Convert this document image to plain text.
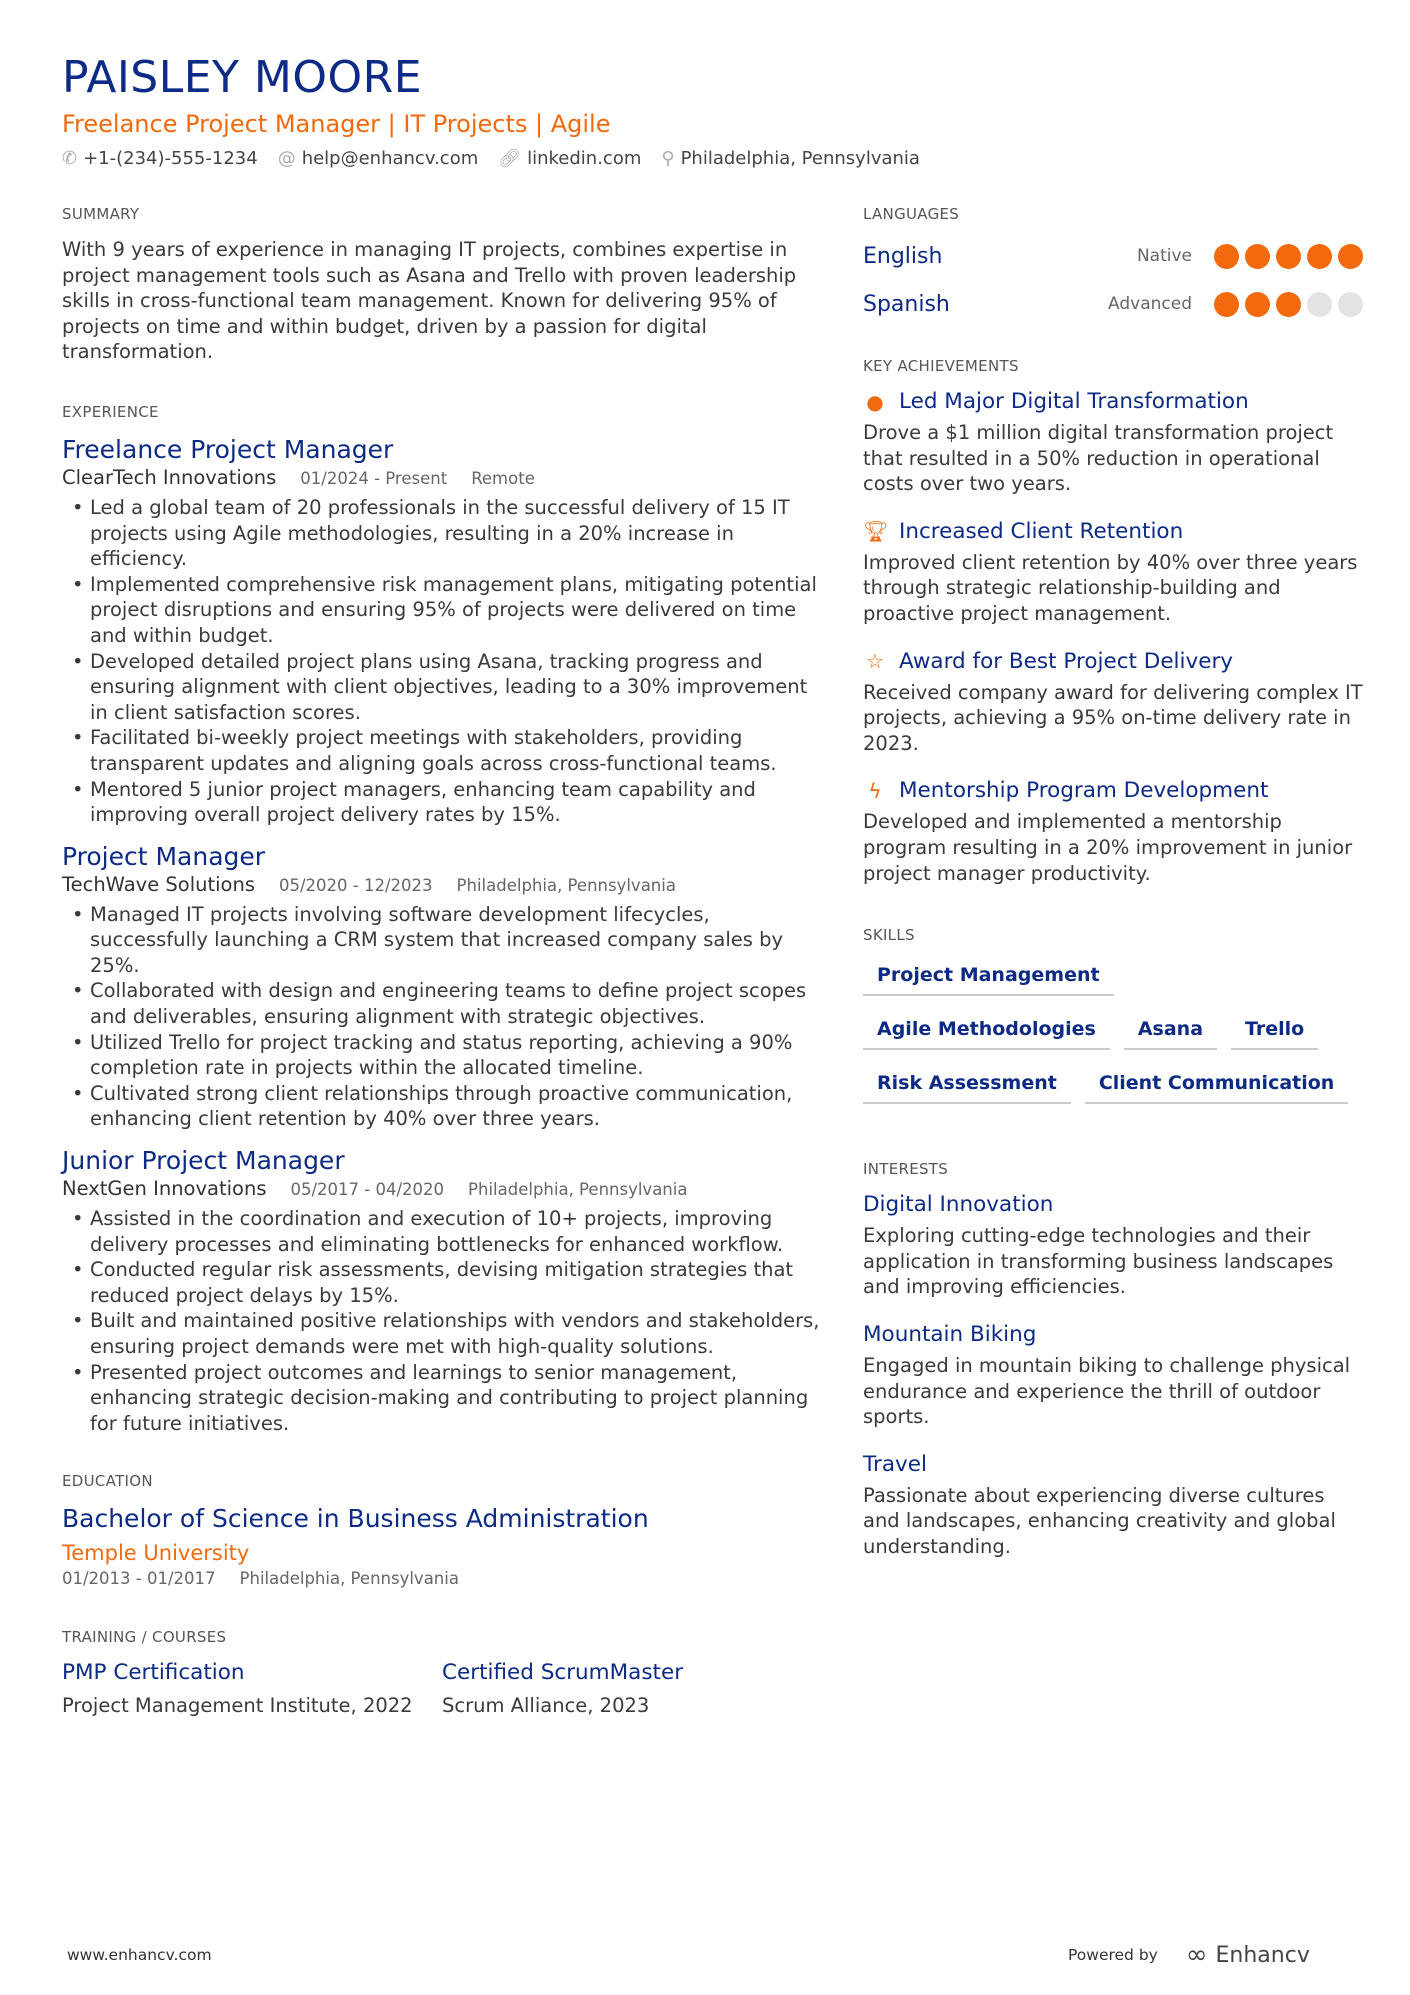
PAISLEY MOORE
Freelance Project Manager | IT Projects | Agile
✆ +1-(234)-555-1234 @ help@enhancv.com 🔗︎ linkedin.com ⚲ Philadelphia, Pennsylvania
SUMMARY
With 9 years of experience in managing IT projects, combines expertise in project management tools such as Asana and Trello with proven leadership skills in cross-functional team management. Known for delivering 95% of projects on time and within budget, driven by a passion for digital transformation.
EXPERIENCE
Freelance Project Manager
ClearTech Innovations 01/2024 - Present Remote
• Led a global team of 20 professionals in the successful delivery of 15 IT projects using Agile methodologies, resulting in a 20% increase in efficiency.
• Implemented comprehensive risk management plans, mitigating potential project disruptions and ensuring 95% of projects were delivered on time and within budget.
• Developed detailed project plans using Asana, tracking progress and ensuring alignment with client objectives, leading to a 30% improvement in client satisfaction scores.
• Facilitated bi-weekly project meetings with stakeholders, providing transparent updates and aligning goals across cross-functional teams.
• Mentored 5 junior project managers, enhancing team capability and improving overall project delivery rates by 15%.
Project Manager
TechWave Solutions 05/2020 - 12/2023 Philadelphia, Pennsylvania
• Managed IT projects involving software development lifecycles, successfully launching a CRM system that increased company sales by 25%.
• Collaborated with design and engineering teams to define project scopes and deliverables, ensuring alignment with strategic objectives.
• Utilized Trello for project tracking and status reporting, achieving a 90% completion rate in projects within the allocated timeline.
• Cultivated strong client relationships through proactive communication, enhancing client retention by 40% over three years.
Junior Project Manager
NextGen Innovations 05/2017 - 04/2020 Philadelphia, Pennsylvania
• Assisted in the coordination and execution of 10+ projects, improving delivery processes and eliminating bottlenecks for enhanced workflow.
• Conducted regular risk assessments, devising mitigation strategies that reduced project delays by 15%.
• Built and maintained positive relationships with vendors and stakeholders, ensuring project demands were met with high-quality solutions.
• Presented project outcomes and learnings to senior management, enhancing strategic decision-making and contributing to project planning for future initiatives.
EDUCATION
Bachelor of Science in Business Administration
Temple University
01/2013 - 01/2017 Philadelphia, Pennsylvania
TRAINING / COURSES
PMP Certification
Project Management Institute, 2022
Certified ScrumMaster
Scrum Alliance, 2023
LANGUAGES
English	Native
Spanish	Advanced
KEY ACHIEVEMENTS
● Led Major Digital Transformation
Drove a $1 million digital transformation project that resulted in a 50% reduction in operational costs over two years.
🏆︎ Increased Client Retention
Improved client retention by 40% over three years through strategic relationship-building and proactive project management.
☆ Award for Best Project Delivery
Received company award for delivering complex IT projects, achieving a 95% on-time delivery rate in 2023.
ϟ Mentorship Program Development
Developed and implemented a mentorship program resulting in a 20% improvement in junior project manager productivity.
SKILLS
Project Management
Agile Methodologies	Asana	Trello
Risk Assessment	Client Communication
INTERESTS
Digital Innovation
Exploring cutting-edge technologies and their application in transforming business landscapes and improving efficiencies.
Mountain Biking
Engaged in mountain biking to challenge physical endurance and experience the thrill of outdoor sports.
Travel
Passionate about experiencing diverse cultures and landscapes, enhancing creativity and global understanding.
www.enhancv.com	Powered by ∞ Enhancv
